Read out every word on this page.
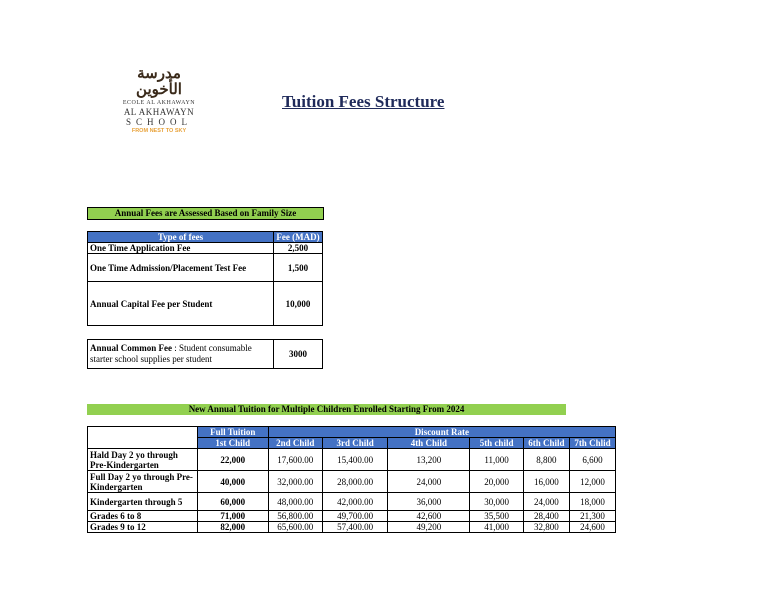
مدرسة الأخوين
ECOLE AL AKHAWAYN
AL AKHAWAYN
SCHOOL
FROM NEST TO SKY
Tuition Fees Structure
Annual Fees are Assessed Based on Family Size
Type of fees	Fee (MAD)
One Time Application Fee	2,500
One Time Admission/Placement Test Fee	1,500
Annual Capital Fee per Student	10,000
Annual Common Fee : Student consumable starter school supplies per student	3000
New Annual Tuition for Multiple Children Enrolled Starting From 2024
	Full Tuition	Discount Rate					
	1st Child	2nd Child	3rd Child	4th Child	5th child	6th Child	7th Chlid
Hald Day 2 yo through Pre-Kindergarten	22,000	17,600.00	15,400.00	13,200	11,000	8,800	6,600
Full Day 2 yo through Pre-Kindergarten	40,000	32,000.00	28,000.00	24,000	20,000	16,000	12,000
Kindergarten through 5	60,000	48,000.00	42,000.00	36,000	30,000	24,000	18,000
Grades 6 to 8	71,000	56,800.00	49,700.00	42,600	35,500	28,400	21,300
Grades 9 to 12	82,000	65,600.00	57,400.00	49,200	41,000	32,800	24,600
